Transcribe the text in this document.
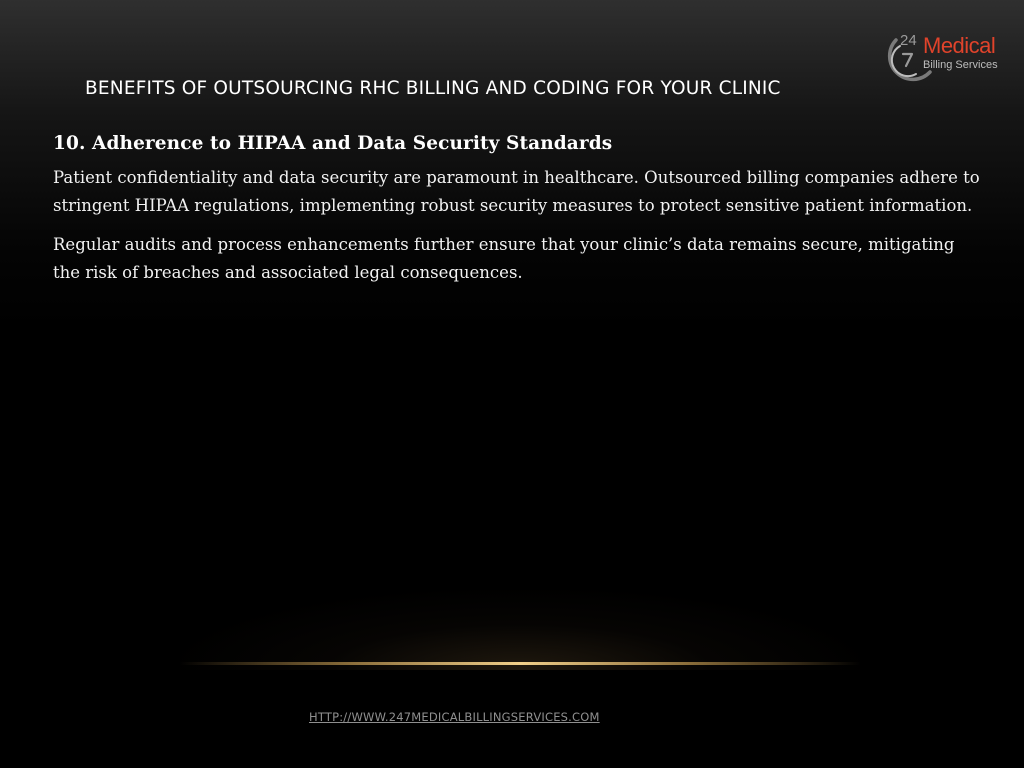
BENEFITS OF OUTSOURCING RHC BILLING AND CODING FOR YOUR CLINIC
24 Medical
Billing Services
10. Adherence to HIPAA and Data Security Standards

Patient confidentiality and data security are paramount in healthcare. Outsourced billing companies adhere to stringent HIPAA regulations, implementing robust security measures to protect sensitive patient information.

Regular audits and process enhancements further ensure that your clinic’s data remains secure, mitigating the risk of breaches and associated legal consequences.

HTTP://WWW.247MEDICALBILLINGSERVICES.COM
